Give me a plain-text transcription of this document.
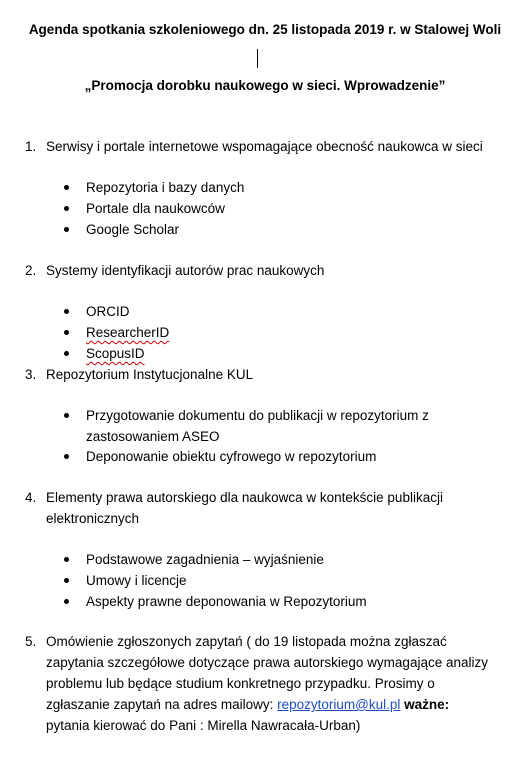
Agenda spotkania szkoleniowego dn. 25 listopada 2019 r. w Stalowej Woli
„Promocja dorobku naukowego w sieci. Wprowadzenie”
1. Serwisy i portale internetowe wspomagające obecność naukowca w sieci
Repozytoria i bazy danych
Portale dla naukowców
Google Scholar
2. Systemy identyfikacji autorów prac naukowych
ORCID
ResearcherID
ScopusID
3. Repozytorium Instytucjonalne KUL
Przygotowanie dokumentu do publikacji w repozytorium z
zastosowaniem ASEO
Deponowanie obiektu cyfrowego w repozytorium
4. Elementy prawa autorskiego dla naukowca w kontekście publikacji
elektronicznych
Podstawowe zagadnienia – wyjaśnienie
Umowy i licencje
Aspekty prawne deponowania w Repozytorium
5. Omówienie zgłoszonych zapytań ( do 19 listopada można zgłaszać
zapytania szczegółowe dotyczące prawa autorskiego wymagające analizy
problemu lub będące studium konkretnego przypadku. Prosimy o
zgłaszanie zapytań na adres mailowy: repozytorium@kul.pl ważne:
pytania kierować do Pani : Mirella Nawracała-Urban)
